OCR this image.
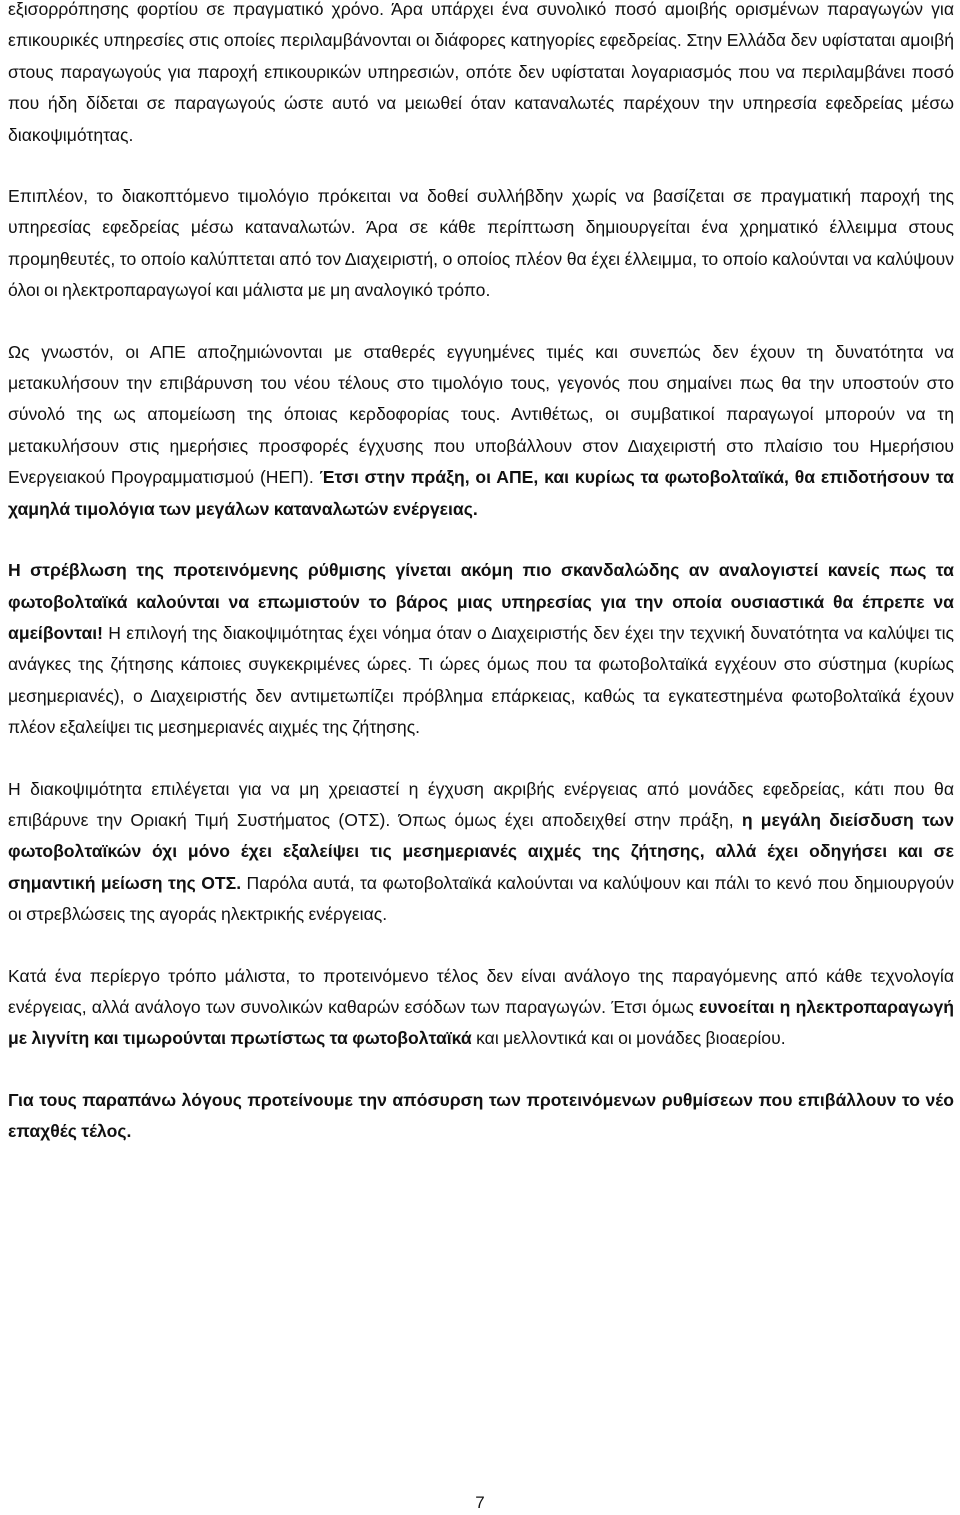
εξισορρόπησης φορτίου σε πραγματικό χρόνο. Άρα υπάρχει ένα συνολικό ποσό αμοιβής ορισμένων παραγωγών για επικουρικές υπηρεσίες στις οποίες περιλαμβάνονται οι διάφορες κατηγορίες εφεδρείας. Στην Ελλάδα δεν υφίσταται αμοιβή στους παραγωγούς για παροχή επικουρικών υπηρεσιών, οπότε δεν υφίσταται λογαριασμός που να περιλαμβάνει ποσό που ήδη δίδεται σε παραγωγούς ώστε αυτό να μειωθεί όταν καταναλωτές παρέχουν την υπηρεσία εφεδρείας μέσω διακοψιμότητας.

Επιπλέον, το διακοπτόμενο τιμολόγιο πρόκειται να δοθεί συλλήβδην χωρίς να βασίζεται σε πραγματική παροχή της υπηρεσίας εφεδρείας μέσω καταναλωτών. Άρα σε κάθε περίπτωση δημιουργείται ένα χρηματικό έλλειμμα στους προμηθευτές, το οποίο καλύπτεται από τον Διαχειριστή, ο οποίος πλέον θα έχει έλλειμμα, το οποίο καλούνται να καλύψουν όλοι οι ηλεκτροπαραγωγοί και μάλιστα με μη αναλογικό τρόπο.

Ως γνωστόν, οι ΑΠΕ αποζημιώνονται με σταθερές εγγυημένες τιμές και συνεπώς δεν έχουν τη δυνατότητα να μετακυλήσουν την επιβάρυνση του νέου τέλους στο τιμολόγιο τους, γεγονός που σημαίνει πως θα την υποστούν στο σύνολό της ως απομείωση της όποιας κερδοφορίας τους. Αντιθέτως, οι συμβατικοί παραγωγοί μπορούν να τη μετακυλήσουν στις ημερήσιες προσφορές έγχυσης που υποβάλλουν στον Διαχειριστή στο πλαίσιο του Ημερήσιου Ενεργειακού Προγραμματισμού (ΗΕΠ). Έτσι στην πράξη, οι ΑΠΕ, και κυρίως τα φωτοβολταϊκά, θα επιδοτήσουν τα χαμηλά τιμολόγια των μεγάλων καταναλωτών ενέργειας.

Η στρέβλωση της προτεινόμενης ρύθμισης γίνεται ακόμη πιο σκανδαλώδης αν αναλογιστεί κανείς πως τα φωτοβολταϊκά καλούνται να επωμιστούν το βάρος μιας υπηρεσίας για την οποία ουσιαστικά θα έπρεπε να αμείβονται! Η επιλογή της διακοψιμότητας έχει νόημα όταν ο Διαχειριστής δεν έχει την τεχνική δυνατότητα να καλύψει τις ανάγκες της ζήτησης κάποιες συγκεκριμένες ώρες. Τι ώρες όμως που τα φωτοβολταϊκά εγχέουν στο σύστημα (κυρίως μεσημεριανές), ο Διαχειριστής δεν αντιμετωπίζει πρόβλημα επάρκειας, καθώς τα εγκατεστημένα φωτοβολταϊκά έχουν πλέον εξαλείψει τις μεσημεριανές αιχμές της ζήτησης.

Η διακοψιμότητα επιλέγεται για να μη χρειαστεί η έγχυση ακριβής ενέργειας από μονάδες εφεδρείας, κάτι που θα επιβάρυνε την Οριακή Τιμή Συστήματος (ΟΤΣ). Όπως όμως έχει αποδειχθεί στην πράξη, η μεγάλη διείσδυση των φωτοβολταϊκών όχι μόνο έχει εξαλείψει τις μεσημεριανές αιχμές της ζήτησης, αλλά έχει οδηγήσει και σε σημαντική μείωση της ΟΤΣ. Παρόλα αυτά, τα φωτοβολταϊκά καλούνται να καλύψουν και πάλι το κενό που δημιουργούν οι στρεβλώσεις της αγοράς ηλεκτρικής ενέργειας.

Κατά ένα περίεργο τρόπο μάλιστα, το προτεινόμενο τέλος δεν είναι ανάλογο της παραγόμενης από κάθε τεχνολογία ενέργειας, αλλά ανάλογο των συνολικών καθαρών εσόδων των παραγωγών. Έτσι όμως ευνοείται η ηλεκτροπαραγωγή με λιγνίτη και τιμωρούνται πρωτίστως τα φωτοβολταϊκά και μελλοντικά και οι μονάδες βιοαερίου.

Για τους παραπάνω λόγους προτείνουμε την απόσυρση των προτεινόμενων ρυθμίσεων που επιβάλλουν το νέο επαχθές τέλος.

7
